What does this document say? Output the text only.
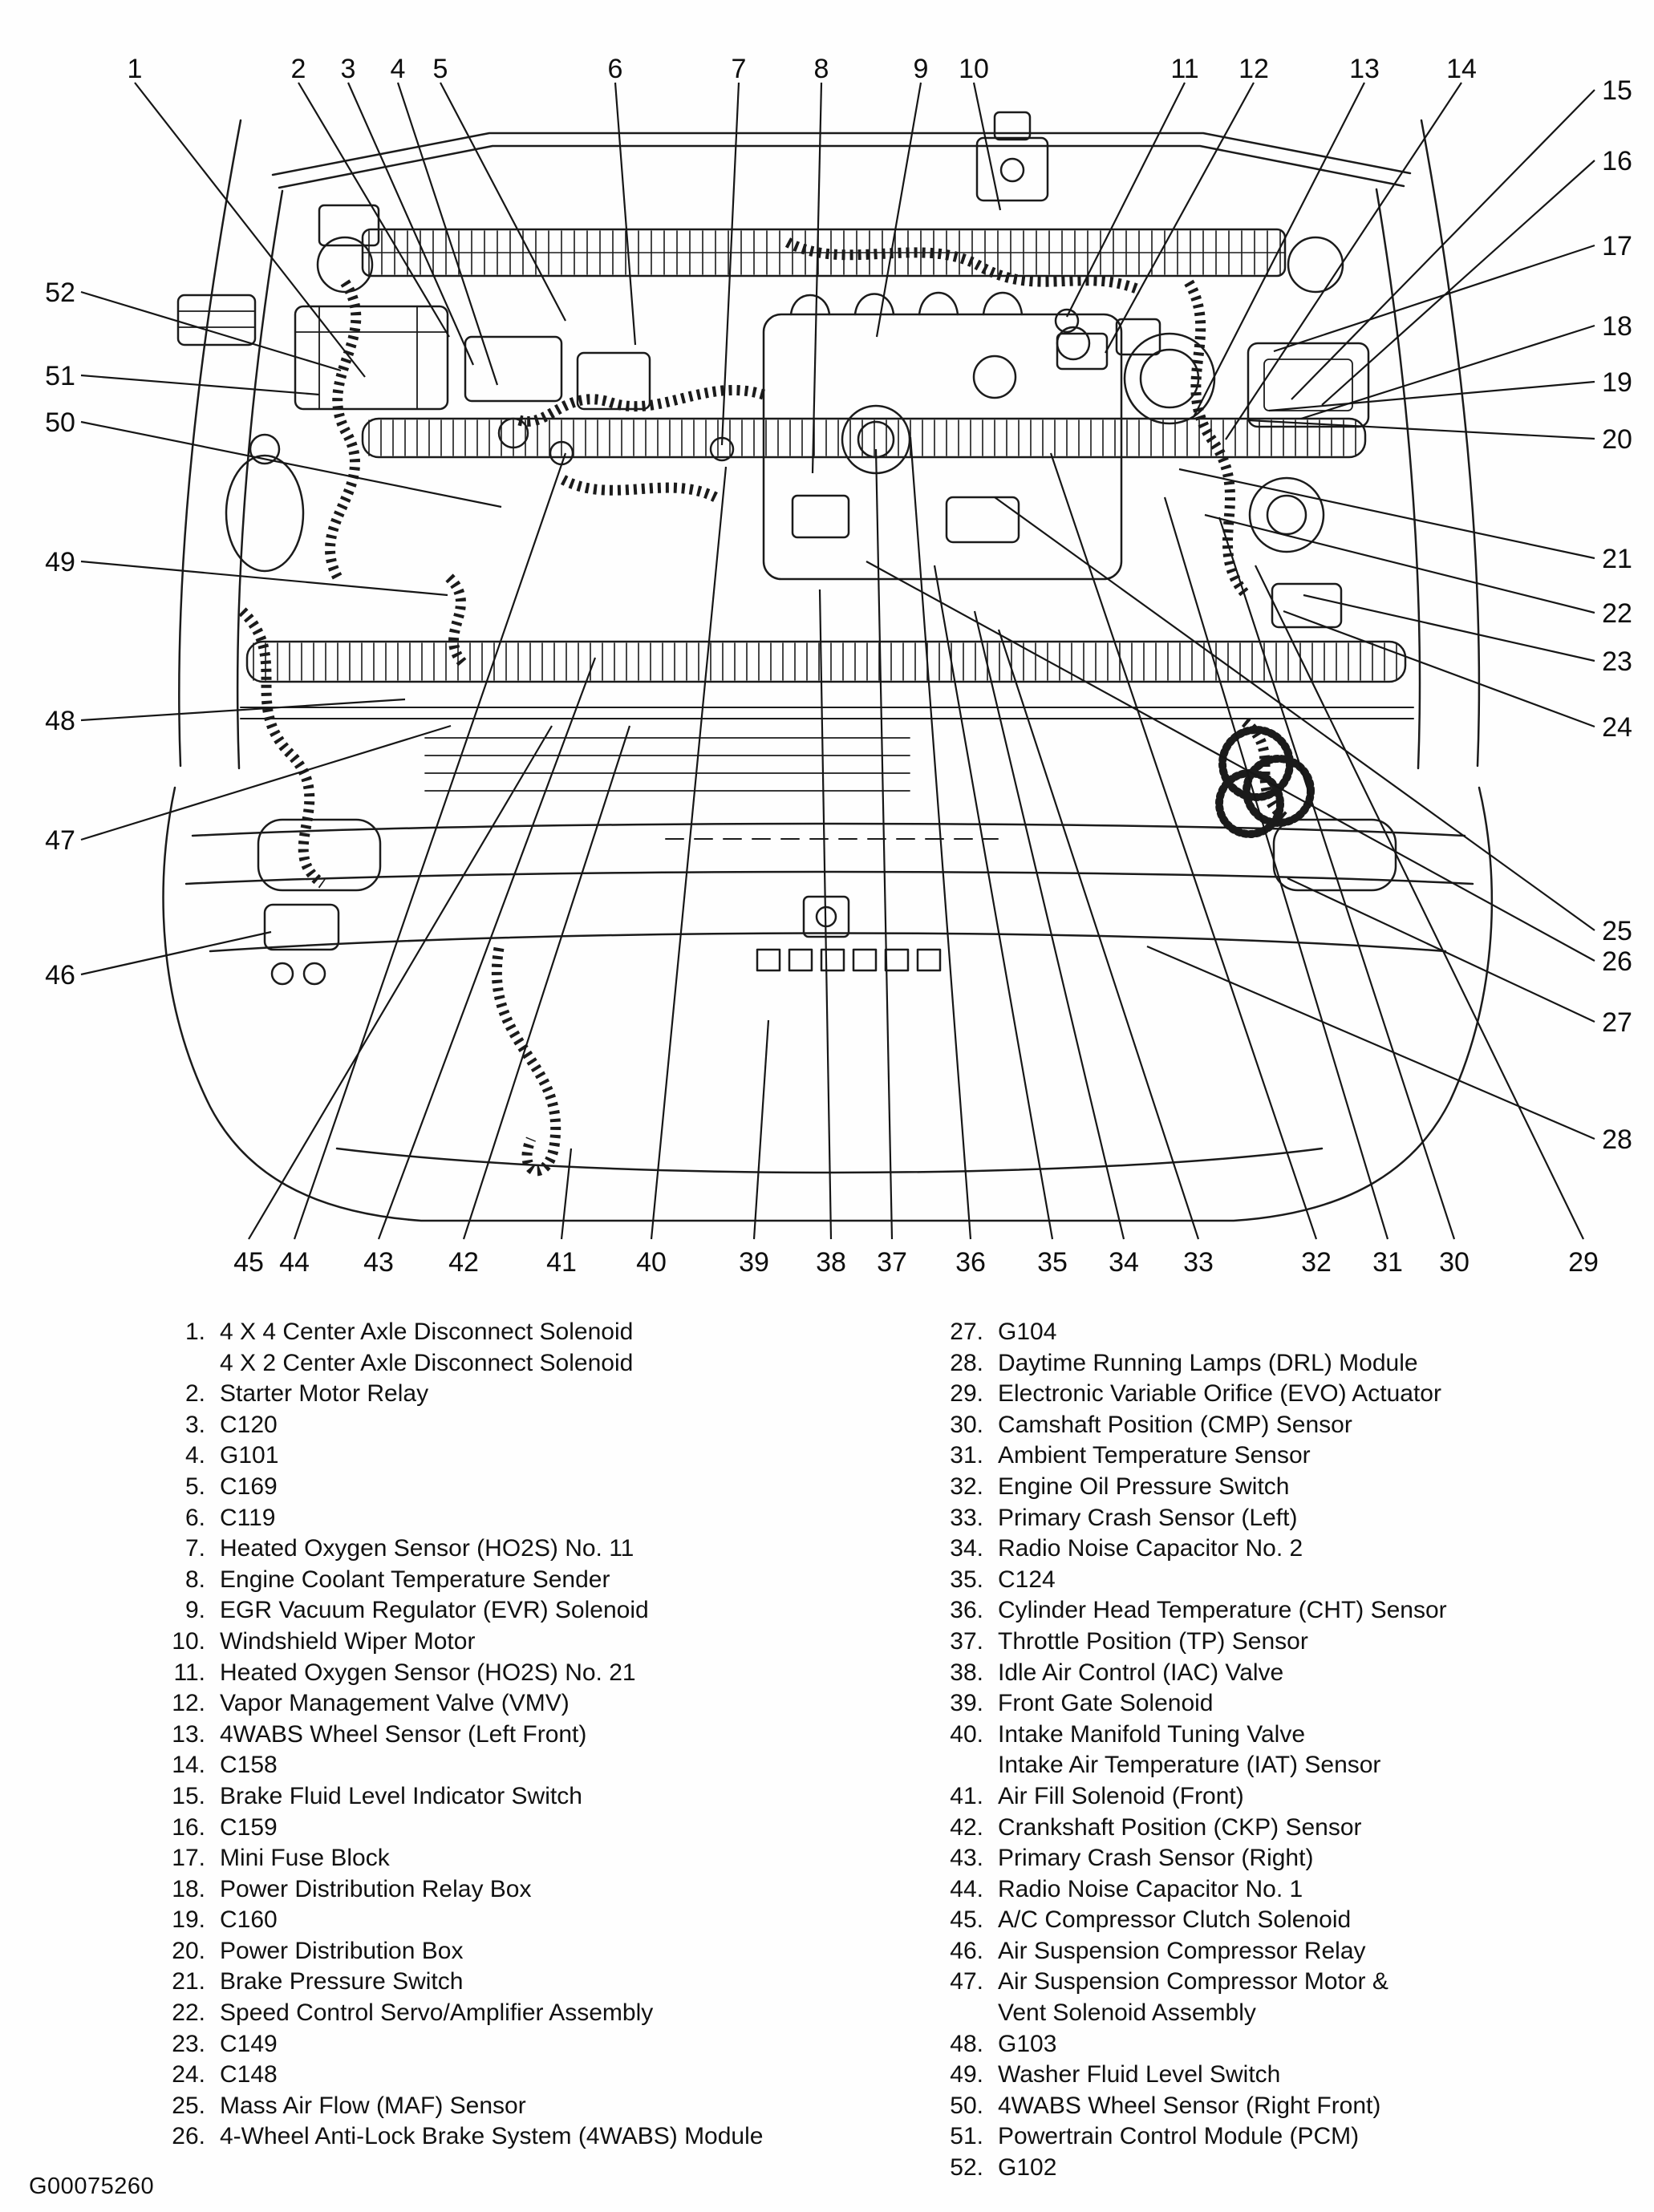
1	2 3 4 5	6	7 8	9 10	11 12	13 14
15
16
17
18
19
20
21
22
23
24
25
26
27
28
29
30
31
32
33
34
35
36
37
38
39
40
41
42
43
44
45
46
47
48
49
50
51
52
1. 4 X 4 Center Axle Disconnect Solenoid
4 X 2 Center Axle Disconnect Solenoid
2. Starter Motor Relay
3. C120
4. G101
5. C169
6. C119
7. Heated Oxygen Sensor (HO2S) No. 11
8. Engine Coolant Temperature Sender
9. EGR Vacuum Regulator (EVR) Solenoid
10. Windshield Wiper Motor
11. Heated Oxygen Sensor (HO2S) No. 21
12. Vapor Management Valve (VMV)
13. 4WABS Wheel Sensor (Left Front)
14. C158
15. Brake Fluid Level Indicator Switch
16. C159
17. Mini Fuse Block
18. Power Distribution Relay Box
19. C160
20. Power Distribution Box
21. Brake Pressure Switch
22. Speed Control Servo/Amplifier Assembly
23. C149
24. C148
25. Mass Air Flow (MAF) Sensor
26. 4-Wheel Anti-Lock Brake System (4WABS) Module
27. G104
28. Daytime Running Lamps (DRL) Module
29. Electronic Variable Orifice (EVO) Actuator
30. Camshaft Position (CMP) Sensor
31. Ambient Temperature Sensor
32. Engine Oil Pressure Switch
33. Primary Crash Sensor (Left)
34. Radio Noise Capacitor No. 2
35. C124
36. Cylinder Head Temperature (CHT) Sensor
37. Throttle Position (TP) Sensor
38. Idle Air Control (IAC) Valve
39. Front Gate Solenoid
40. Intake Manifold Tuning Valve
Intake Air Temperature (IAT) Sensor
41. Air Fill Solenoid (Front)
42. Crankshaft Position (CKP) Sensor
43. Primary Crash Sensor (Right)
44. Radio Noise Capacitor No. 1
45. A/C Compressor Clutch Solenoid
46. Air Suspension Compressor Relay
47. Air Suspension Compressor Motor &
Vent Solenoid Assembly
48. G103
49. Washer Fluid Level Switch
50. 4WABS Wheel Sensor (Right Front)
51. Powertrain Control Module (PCM)
52. G102
G00075260
